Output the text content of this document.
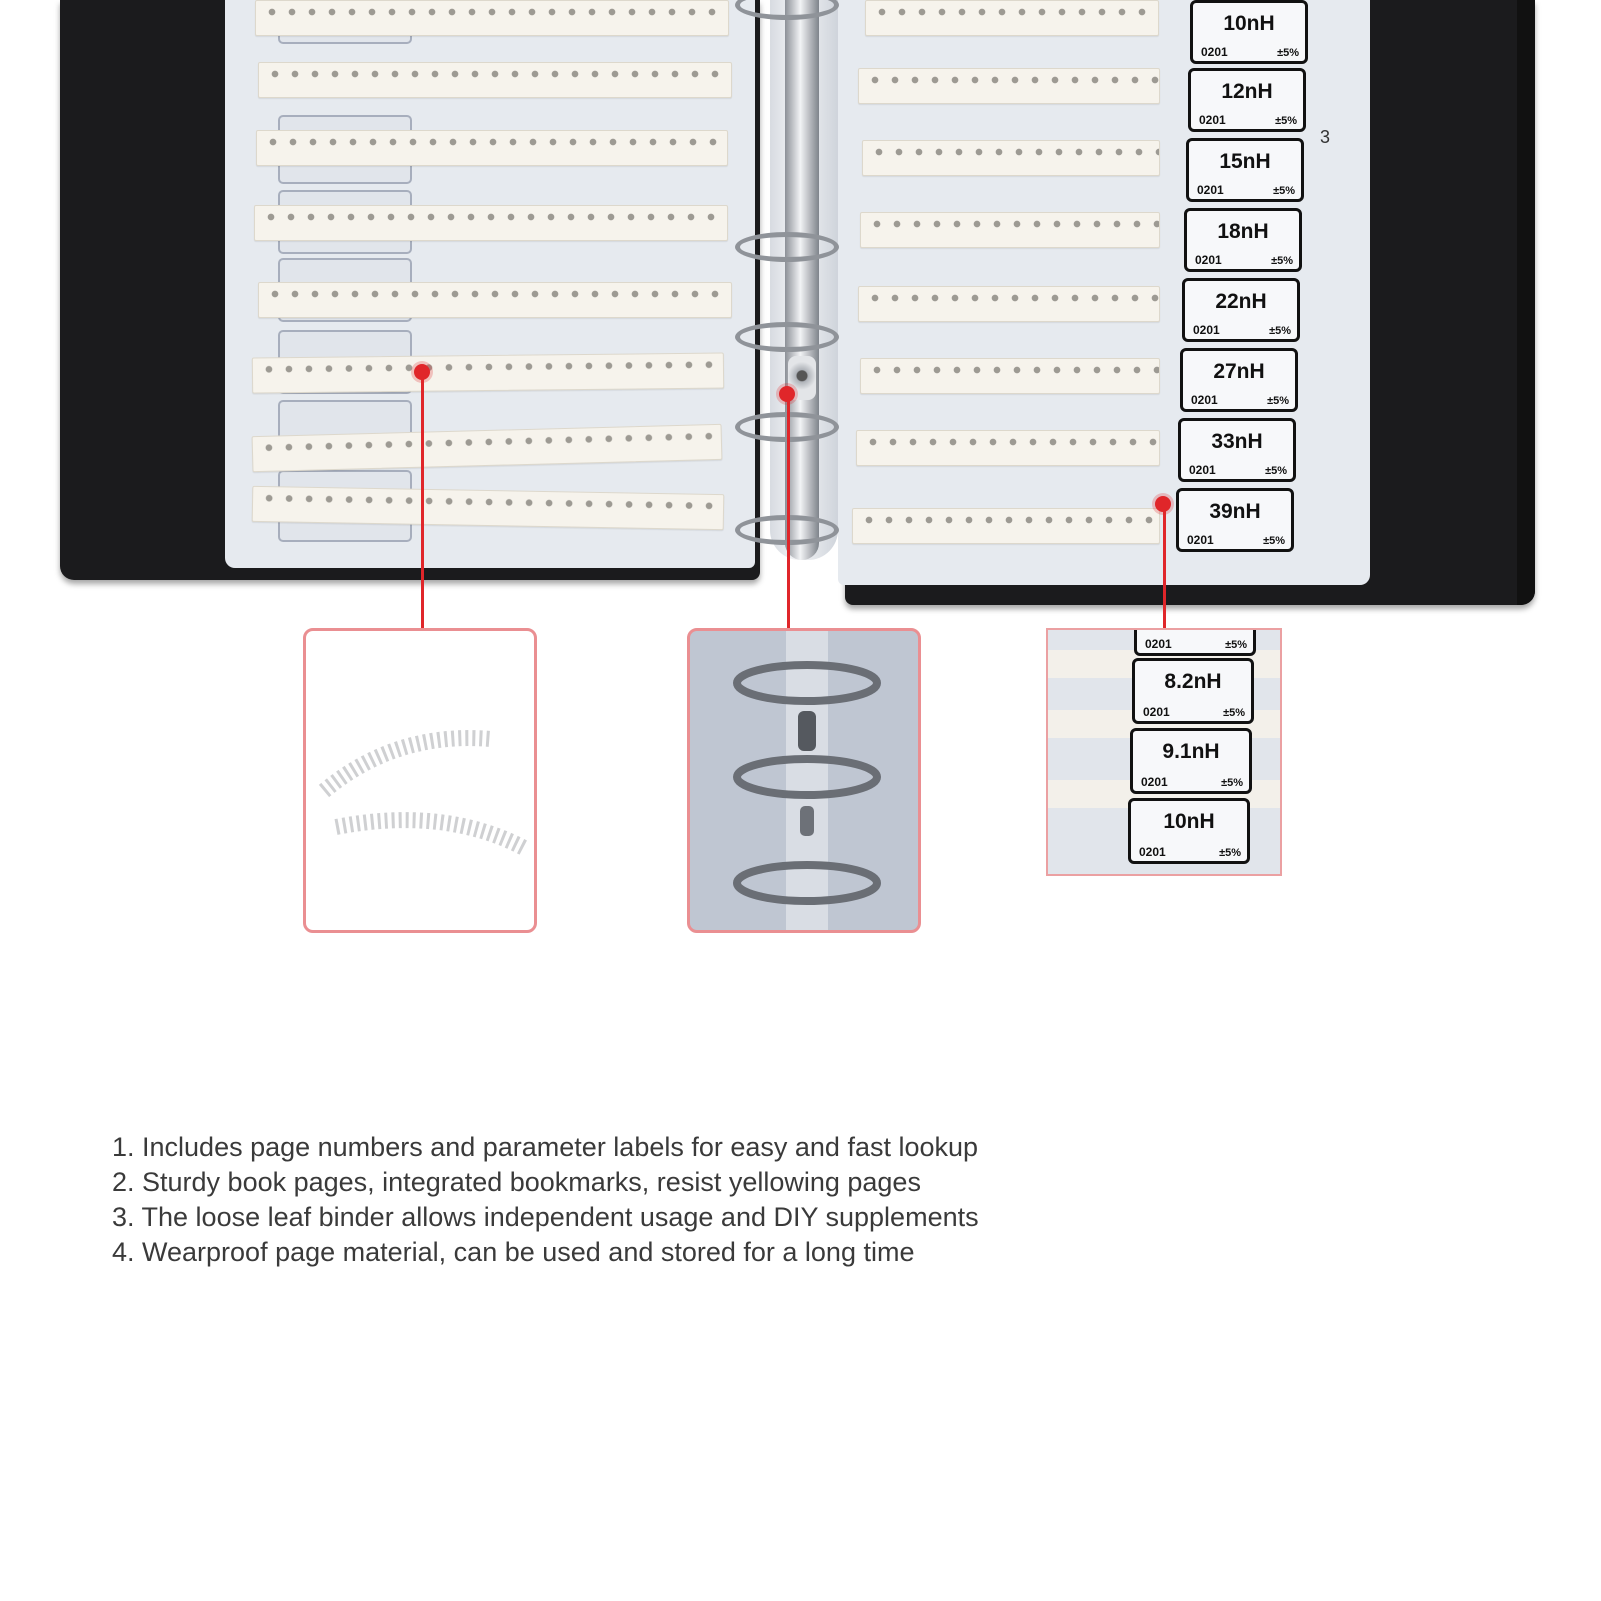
10nH
0201	±5%
12nH
0201	±5%
15nH
0201	±5%
18nH
0201	±5%
22nH
0201	±5%
27nH
0201	±5%
33nH
0201	±5%
39nH
0201	±5%
3
0201	±5%
8.2nH
0201	±5%
9.1nH
0201	±5%
10nH
0201	±5%
1. Includes page numbers and parameter labels for easy and fast lookup
2. Sturdy book pages, integrated bookmarks, resist yellowing pages
3. The loose leaf binder allows independent usage and DIY supplements
4. Wearproof page material, can be used and stored for a long time
